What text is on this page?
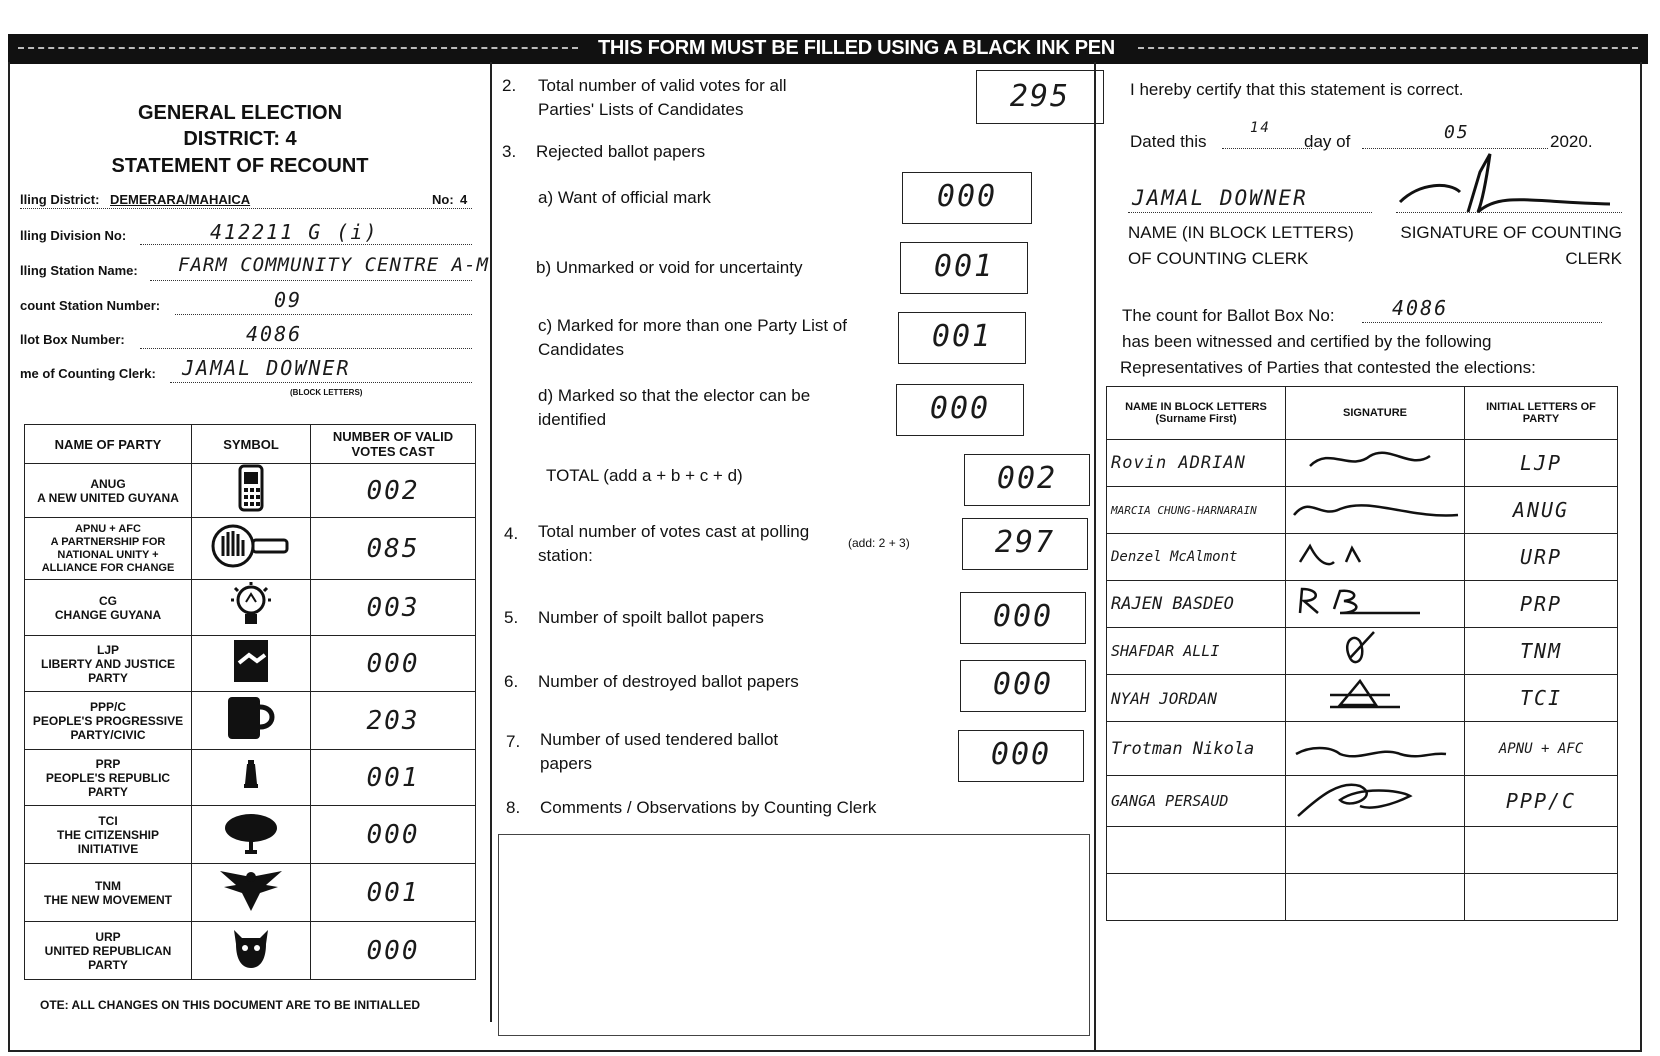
THIS FORM MUST BE FILLED USING A BLACK INK PEN
GENERAL ELECTION
DISTRICT: 4
STATEMENT OF RECOUNT
lling District: DEMERARA/MAHAICA	No: 4
lling Division No:	412211 G (i)
lling Station Name: FARM COMMUNITY CENTRE A-M
count Station Number:	09
llot Box Number:	4086
me of Counting Clerk: JAMAL DOWNER
(BLOCK LETTERS)
NAME OF PARTY	SYMBOL	NUMBER OF VALID VOTES CAST

ANUG
A NEW UNITED GUYANA		002

APNU + AFC
A PARTNERSHIP FOR
NATIONAL UNITY +
ALLIANCE FOR CHANGE		085

CG
CHANGE GUYANA		003

LJP
LIBERTY AND JUSTICE
PARTY		000

PPP/C
PEOPLE'S PROGRESSIVE
PARTY/CIVIC		203

PRP
PEOPLE'S REPUBLIC
PARTY		001

TCI
THE CITIZENSHIP
INITIATIVE		000

TNM
THE NEW MOVEMENT		001

URP
UNITED REPUBLICAN
PARTY		000
OTE: ALL CHANGES ON THIS DOCUMENT ARE TO BE INITIALLED
2. Total number of valid votes for all
Parties' Lists of Candidates	295
3. Rejected ballot papers
a) Want of official mark	000
b) Unmarked or void for uncertainty	001
c) Marked for more than one Party List of
Candidates	001
d) Marked so that the elector can be
identified	000
TOTAL (add a + b + c + d)	002
4. Total number of votes cast at polling
station:
(add: 2 + 3)	297
5. Number of spoilt ballot papers	000
6. Number of destroyed ballot papers	000
7. Number of used tendered ballot
papers	000
8. Comments / Observations by Counting Clerk
I hereby certify that this statement is correct.
Dated this
14
day of	05	2020.
JAMAL DOWNER
NAME (IN BLOCK LETTERS)
OF COUNTING CLERK
SIGNATURE OF COUNTING
CLERK
The count for Ballot Box No:	4086
has been witnessed and certified by the following
Representatives of Parties that contested the elections:
NAME IN BLOCK LETTERS (Surname First)	SIGNATURE	INITIAL LETTERS OF PARTY
Rovin ADRIAN		LJP
MARCIA CHUNG-HARNARAIN		ANUG
Denzel McAlmont		URP
RAJEN BASDEO		PRP
SHAFDAR ALLI		TNM
NYAH JORDAN		TCI
Trotman Nikola		APNU + AFC
GANGA PERSAUD		PPP/C
